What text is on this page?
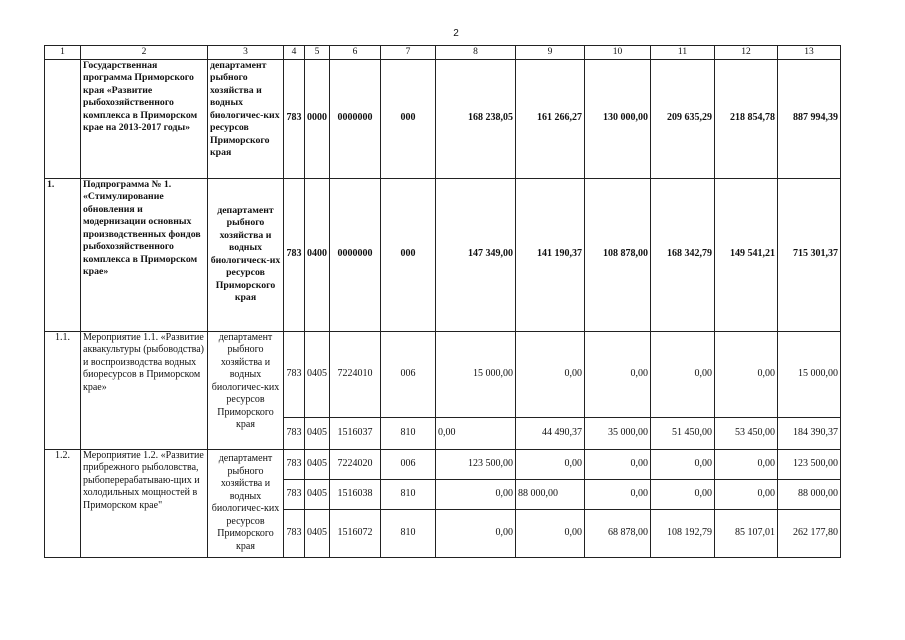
2
1	2	3	4	5	6	7	8	9	10	11	12	13
	Государственная программа Приморского края «Развитие рыбохозяйственного комплекса в Приморском крае на 2013-2017 годы»	департамент рыбного хозяйства и водных биологичес-ких ресурсов Приморского края	783	0000	0000000	000	168 238,05	161 266,27	130 000,00	209 635,29	218 854,78	887 994,39
1.	Подпрограмма № 1. «Стимулирование обновления и модернизации основных производственных фондов рыбохозяйственного комплекса в Приморском крае»	департамент рыбного хозяйства и водных биологическ-их ресурсов Приморского края	783	0400	0000000	000	147 349,00	141 190,37	108 878,00	168 342,79	149 541,21	715 301,37
1.1.	Мероприятие 1.1. «Развитие аквакультуры (рыбоводства) и воспроизводства водных биоресурсов в Приморском крае»	департамент рыбного хозяйства и водных биологичес-ких ресурсов Приморского края	783	0405	7224010	006	15 000,00	0,00	0,00	0,00	0,00	15 000,00
			783	0405	1516037	810	0,00	44 490,37	35 000,00	51 450,00	53 450,00	184 390,37
1.2.	Мероприятие 1.2. «Развитие прибрежного рыболовства, рыбоперерабатываю-щих и холодильных мощностей в Приморском крае"	департамент рыбного хозяйства и водных биологичес-ких ресурсов Приморского края	783	0405	7224020	006	123 500,00	0,00	0,00	0,00	0,00	123 500,00
			783	0405	1516038	810	0,00	88 000,00	0,00	0,00	0,00	88 000,00
			783	0405	1516072	810	0,00	0,00	68 878,00	108 192,79	85 107,01	262 177,80
